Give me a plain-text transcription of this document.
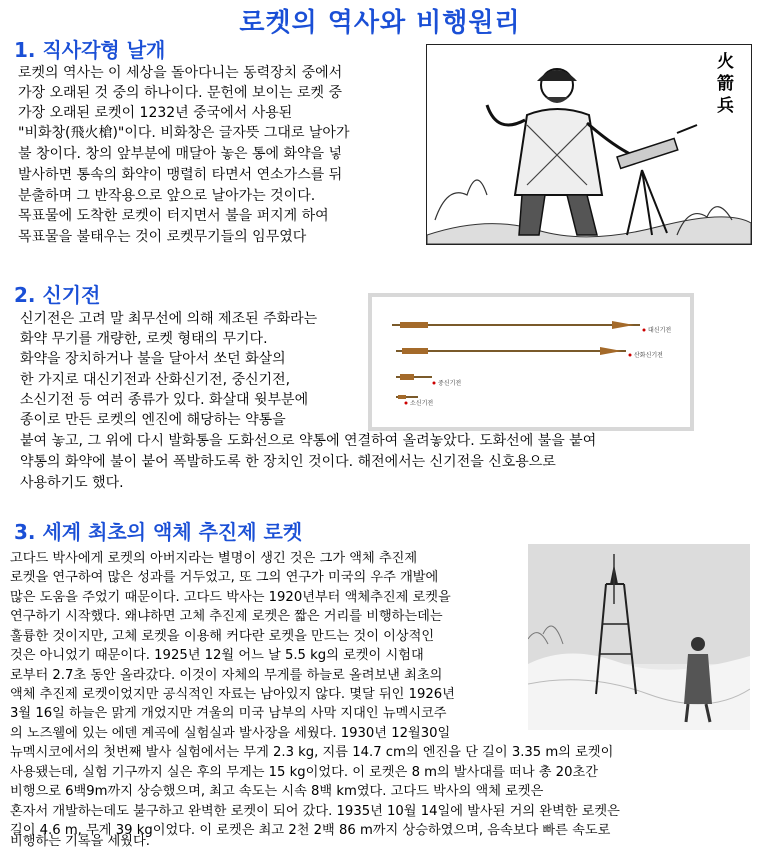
로켓의 역사와 비행원리
1. 직사각형 날개
로켓의 역사는 이 세상을 돌아다니는 동력장치 중에서
가장 오래된 것 중의 하나이다. 문헌에 보이는 로켓 중
가장 오래된 로켓이 1232년 중국에서 사용된
"비화창(飛火槍)"이다. 비화창은 글자뜻 그대로 날아가
불 창이다. 창의 앞부분에 매달아 놓은 통에 화약을 넣
발사하면 통속의 화약이 맹렬히 타면서 연소가스를 뒤
분출하며 그 반작용으로 앞으로 날아가는 것이다.
목표물에 도착한 로켓이 터지면서 불을 퍼지게 하여
목표물을 불태우는 것이 로켓무기들의 임무였다
火箭兵
2. 신기전
대신기전
산화신기전
중신기전
소신기전
신기전은 고려 말 최무선에 의해 제조된 주화라는
화약 무기를 개량한, 로켓 형태의 무기다.
화약을 장치하거나 불을 달아서 쏘던 화살의
한 가지로 대신기전과 산화신기전, 중신기전,
소신기전 등 여러 종류가 있다. 화살대 윗부분에
종이로 만든 로켓의 엔진에 해당하는 약통을
붙여 놓고, 그 위에 다시 발화통을 도화선으로 약통에 연결하여 올려놓았다. 도화선에 불을 붙여
약통의 화약에 불이 붙어 폭발하도록 한 장치인 것이다. 해전에서는 신기전을 신호용으로
사용하기도 했다.
3. 세계 최초의 액체 추진제 로켓
고다드 박사에게 로켓의 아버지라는 별명이 생긴 것은 그가 액체 추진제
로켓을 연구하여 많은 성과를 거두었고, 또 그의 연구가 미국의 우주 개발에
많은 도움을 주었기 때문이다. 고다드 박사는 1920년부터 액체추진제 로켓을
연구하기 시작했다. 왜냐하면 고체 추진제 로켓은 짧은 거리를 비행하는데는
훌륭한 것이지만, 고체 로켓을 이용해 커다란 로켓을 만드는 것이 이상적인
것은 아니었기 때문이다. 1925년 12월 어느 날 5.5 kg의 로켓이 시험대
로부터 2.7초 동안 올라갔다. 이것이 자체의 무게를 하늘로 올려보낸 최초의
액체 추진제 로켓이었지만 공식적인 자료는 남아있지 않다. 몇달 뒤인 1926년
3월 16일 하늘은 맑게 개었지만 겨울의 미국 남부의 사막 지대인 뉴멕시코주
의 노즈웰에 있는 에덴 계곡에 실험실과 발사장을 세웠다. 1930년 12월30일
뉴멕시코에서의 첫번째 발사 실험에서는 무게 2.3 kg, 지름 14.7 cm의 엔진을 단 길이 3.35 m의 로켓이
사용됐는데, 실험 기구까지 실은 후의 무게는 15 kg이었다. 이 로켓은 8 m의 발사대를 떠나 총 20초간
비행으로 6백9m까지 상승했으며, 최고 속도는 시속 8백 km였다. 고다드 박사의 액체 로켓은
혼자서 개발하는데도 불구하고 완벽한 로켓이 되어 갔다. 1935년 10월 14일에 발사된 거의 완벽한 로켓은
길이 4.6 m, 무게 39 kg이었다. 이 로켓은 최고 2천 2백 86 m까지 상승하였으며, 음속보다 빠른 속도로
비행하는 기록을 세웠다.
